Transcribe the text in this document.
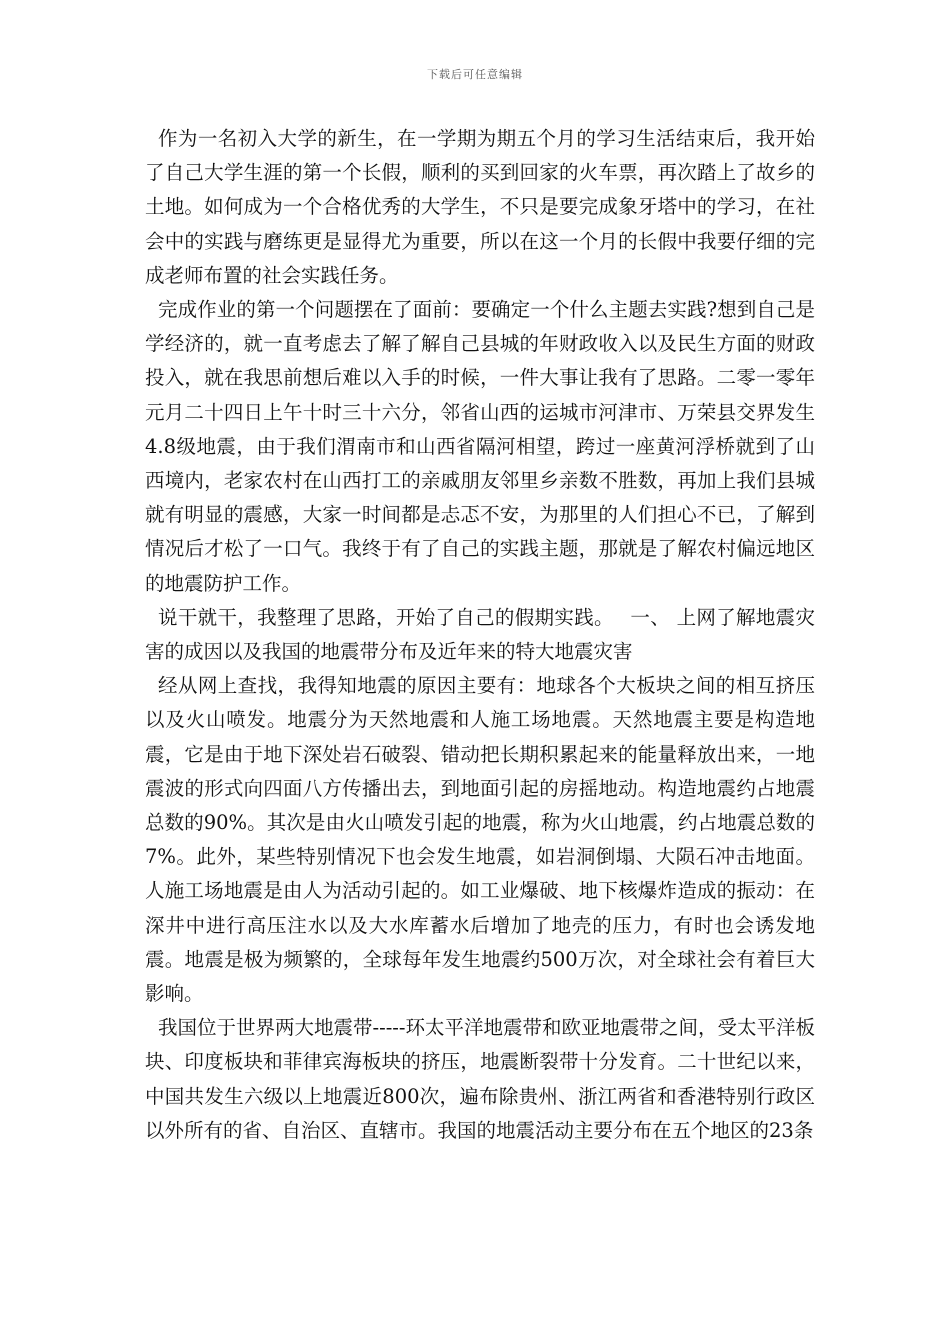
下载后可任意编辑

作为一名初入大学的新生，在一学期为期五个月的学习生活结束后，我开始了自己大学生涯的第一个长假，顺利的买到回家的火车票，再次踏上了故乡的土地。如何成为一个合格优秀的大学生，不只是要完成象牙塔中的学习，在社会中的实践与磨练更是显得尤为重要，所以在这一个月的长假中我要仔细的完成老师布置的社会实践任务。

完成作业的第一个问题摆在了面前：要确定一个什么主题去实践?想到自己是学经济的，就一直考虑去了解了解自己县城的年财政收入以及民生方面的财政投入，就在我思前想后难以入手的时候，一件大事让我有了思路。二零一零年元月二十四日上午十时三十六分，邻省山西的运城市河津市、万荣县交界发生4.8级地震，由于我们渭南市和山西省隔河相望，跨过一座黄河浮桥就到了山西境内，老家农村在山西打工的亲戚朋友邻里乡亲数不胜数，再加上我们县城就有明显的震感，大家一时间都是忐忑不安，为那里的人们担心不已，了解到情况后才松了一口气。我终于有了自己的实践主题，那就是了解农村偏远地区的地震防护工作。

说干就干，我整理了思路，开始了自己的假期实践。　 一、 上网了解地震灾害的成因以及我国的地震带分布及近年来的特大地震灾害

经从网上查找，我得知地震的原因主要有：地球各个大板块之间的相互挤压以及火山喷发。地震分为天然地震和人施工场地震。天然地震主要是构造地震，它是由于地下深处岩石破裂、错动把长期积累起来的能量释放出来，一地震波的形式向四面八方传播出去，到地面引起的房摇地动。构造地震约占地震总数的90%。其次是由火山喷发引起的地震，称为火山地震，约占地震总数的7%。此外，某些特别情况下也会发生地震，如岩洞倒塌、大陨石冲击地面。人施工场地震是由人为活动引起的。如工业爆破、地下核爆炸造成的振动：在深井中进行高压注水以及大水库蓄水后增加了地壳的压力，有时也会诱发地震。地震是极为频繁的，全球每年发生地震约500万次，对全球社会有着巨大影响。

我国位于世界两大地震带-----环太平洋地震带和欧亚地震带之间，受太平洋板块、印度板块和菲律宾海板块的挤压，地震断裂带十分发育。二十世纪以来，中国共发生六级以上地震近800次，遍布除贵州、浙江两省和香港特别行政区以外所有的省、自治区、直辖市。我国的地震活动主要分布在五个地区的23条
